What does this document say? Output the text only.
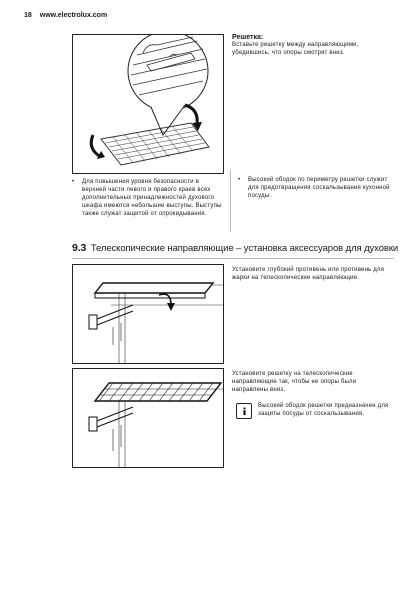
18 www.electrolux.com
Решетка:
Вставьте решетку между направляющими, убедившись, что опоры смотрят вниз.
• Для повышения уровня безопасности в верхней части левого и правого краев всех дополнительных принадлежностей духового шкафа имеются небольшие выступы. Выступы также служат защитой от опрокидывания.
• Высокий ободок по периметру решетки служит для предотвращения соскальзывания кухонной посуды.
9.3 Телескопические направляющие – установка аксессуаров для духовки
Установите глубокий противень или противень для жарки на телескопические направляющие.
Установите решетку на телескопические направляющие так, чтобы ее опоры были направлены вниз.
Высокий ободок решетки предназначен для защиты посуды от соскальзывания.
